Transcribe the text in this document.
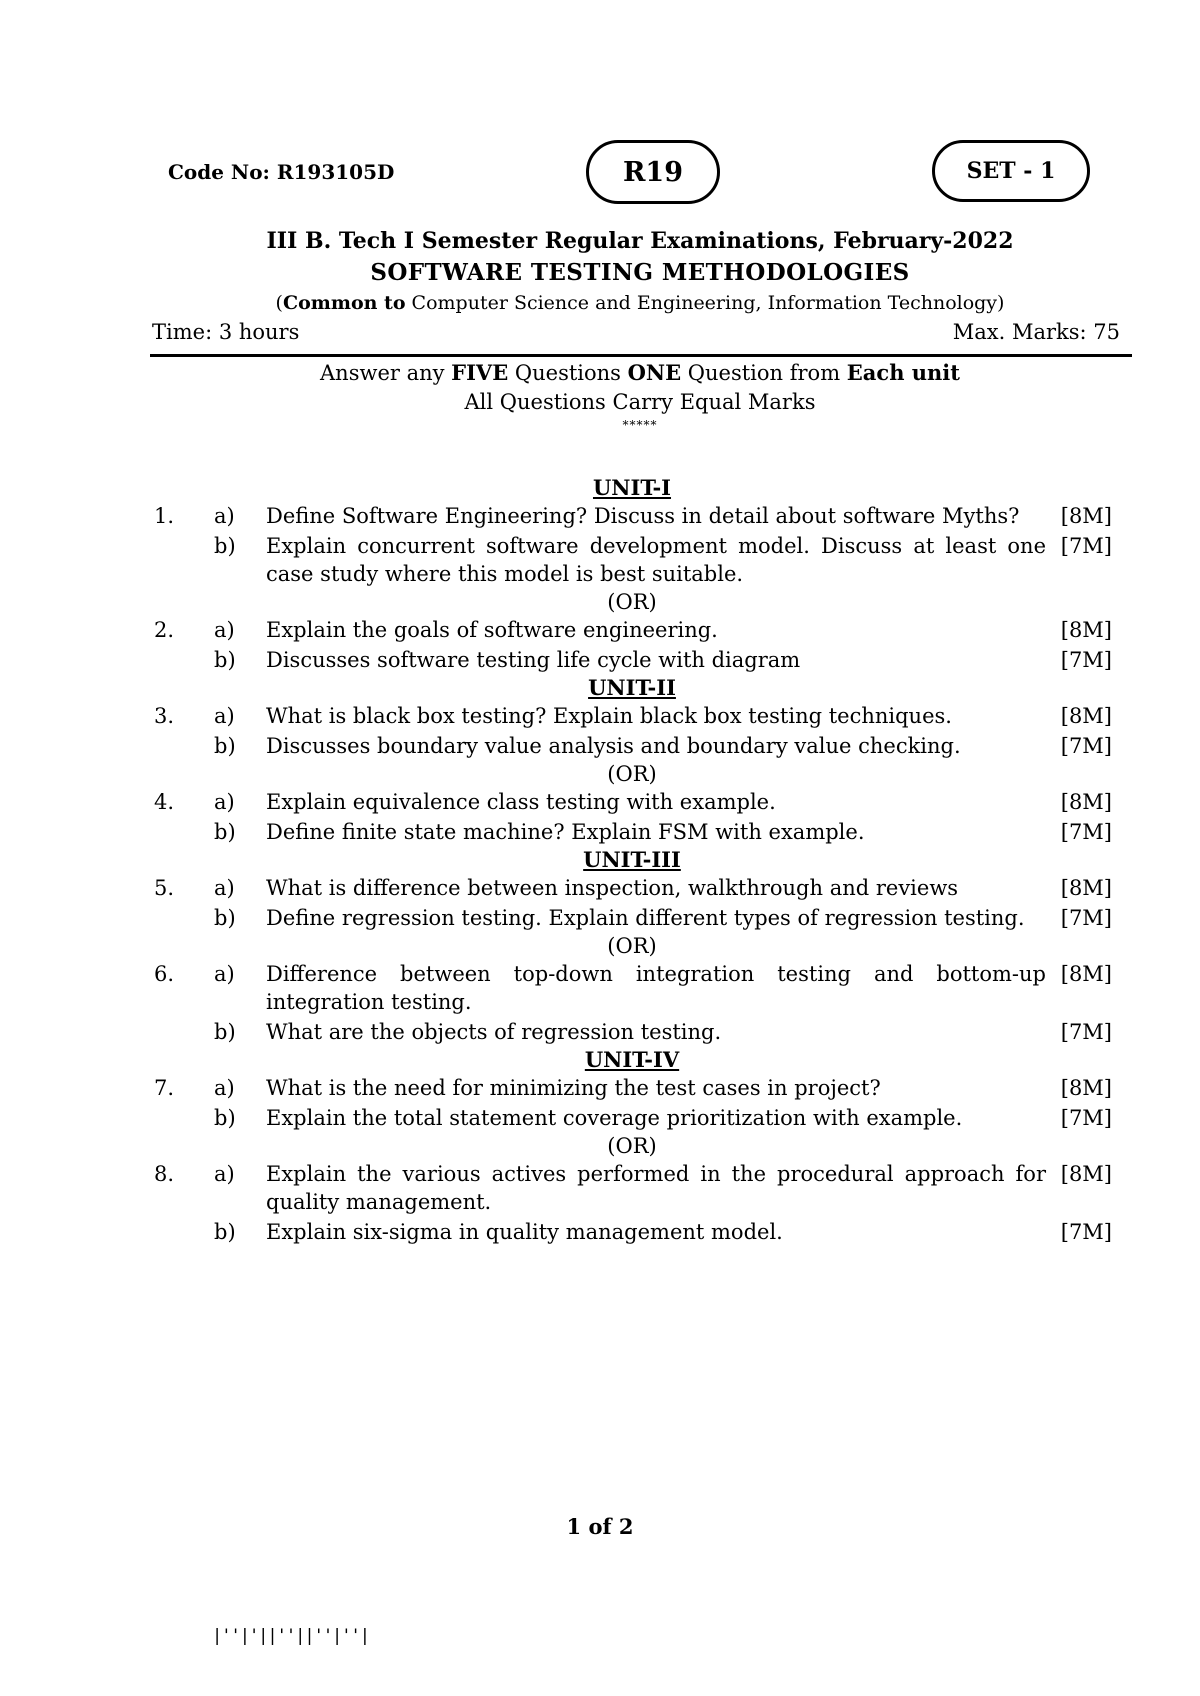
Code No: R193105D	R19	SET - 1
III B. Tech I Semester Regular Examinations, February-2022
SOFTWARE TESTING METHODOLOGIES
(Common to Computer Science and Engineering, Information Technology)
Time: 3 hours	Max. Marks: 75
Answer any FIVE Questions ONE Question from Each unit
All Questions Carry Equal Marks
*****
UNIT-I
1.	a)	Define Software Engineering? Discuss in detail about software Myths?	[8M]
b)	Explain concurrent software development model. Discuss at least one case study where this model is best suitable.
[7M]
(OR)
2.	a)	Explain the goals of software engineering.	[8M]
b)	Discusses software testing life cycle with diagram	[7M]
UNIT-II
3.	a)	What is black box testing? Explain black box testing techniques.	[8M]
b)	Discusses boundary value analysis and boundary value checking.	[7M]
(OR)
4.	a)	Explain equivalence class testing with example.	[8M]
b)	Define finite state machine? Explain FSM with example.	[7M]
UNIT-III
5.	a)	What is difference between inspection, walkthrough and reviews	[8M]
b)	Define regression testing. Explain different types of regression testing.	[7M]
(OR)
6.	a)	Difference between top-down integration testing and bottom-up integration testing.
[8M]
b)	What are the objects of regression testing.	[7M]
UNIT-IV
7.	a)	What is the need for minimizing the test cases in project?	[8M]
b)	Explain the total statement coverage prioritization with example.	[7M]
(OR)
8.	a)	Explain the various actives performed in the procedural approach for quality management.
[8M]
b)	Explain six-sigma in quality management model.	[7M]
1 of 2
|''|'||''||''|''|
